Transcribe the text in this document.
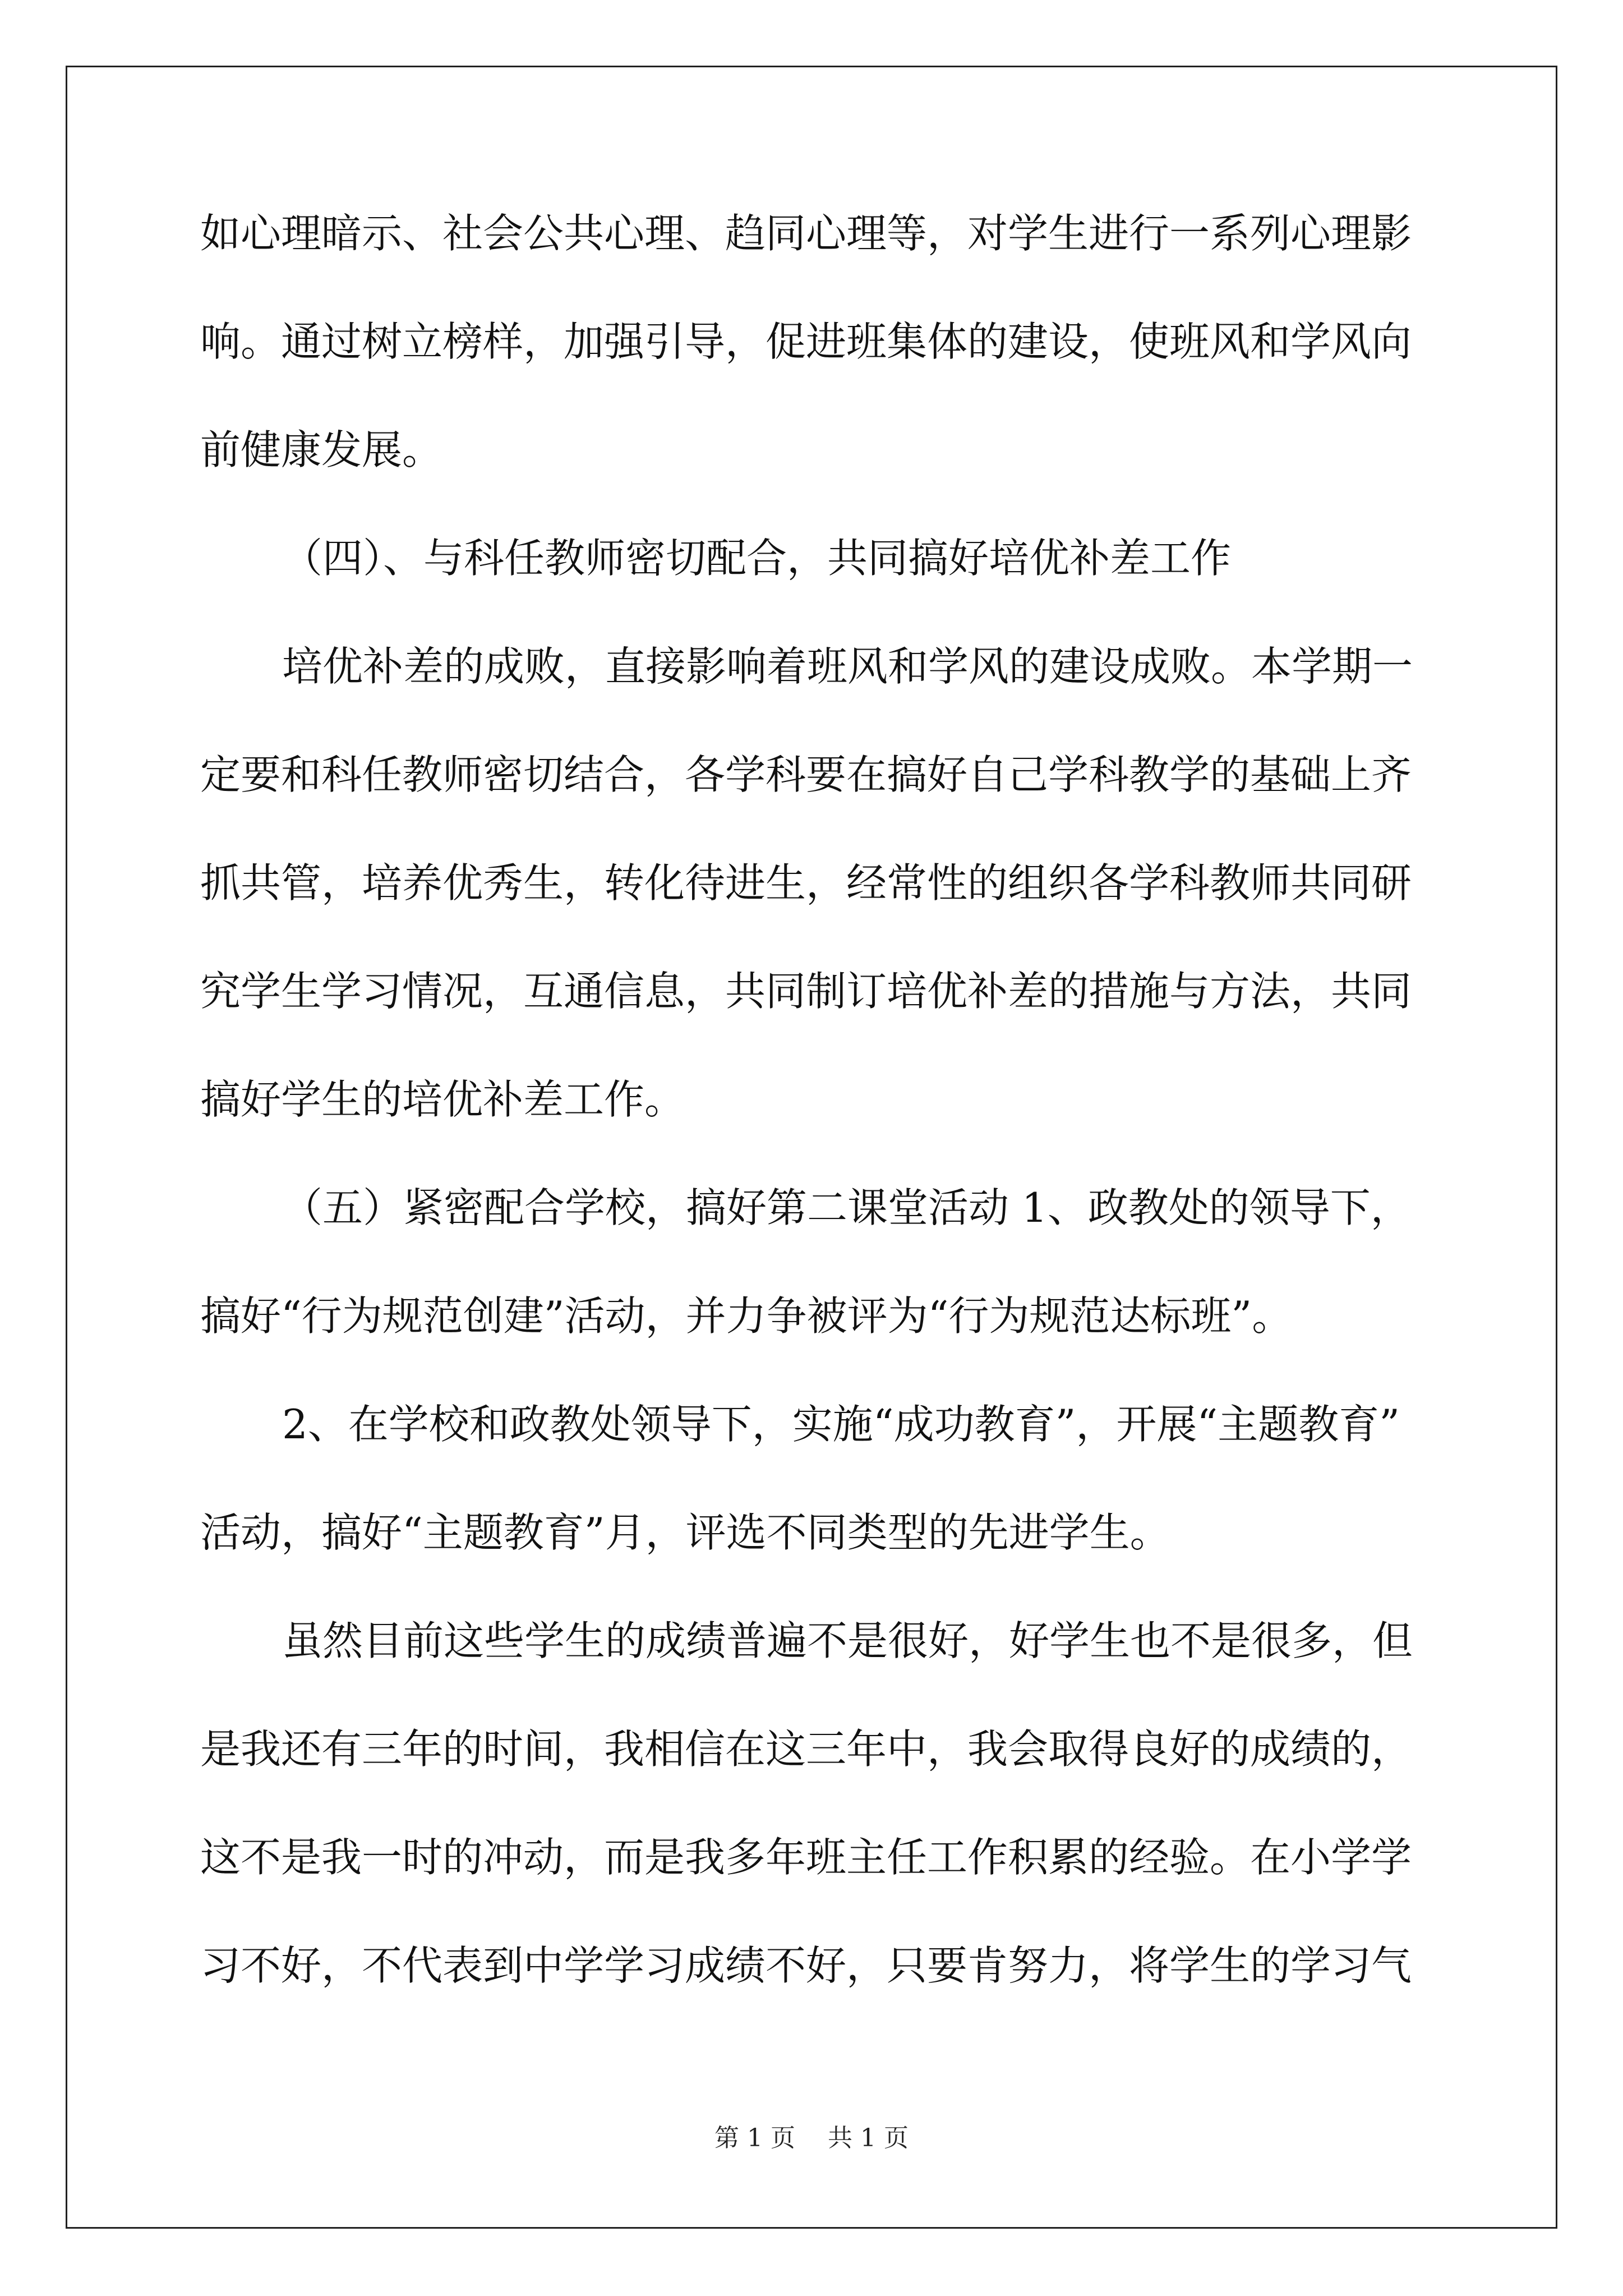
如心理暗示、社会公共心理、趋同心理等，对学生进行一系列心理影
响。通过树立榜样，加强引导，促进班集体的建设，使班风和学风向
前健康发展。
（四）、与科任教师密切配合，共同搞好培优补差工作
培优补差的成败，直接影响着班风和学风的建设成败。本学期一
定要和科任教师密切结合，各学科要在搞好自己学科教学的基础上齐
抓共管，培养优秀生，转化待进生，经常性的组织各学科教师共同研
究学生学习情况，互通信息，共同制订培优补差的措施与方法，共同
搞好学生的培优补差工作。
（五）紧密配合学校，搞好第二课堂活动 1、政教处的领导下，
搞好“行为规范创建”活动，并力争被评为“行为规范达标班”。
2、在学校和政教处领导下，实施“成功教育”，开展“主题教育”
活动，搞好“主题教育”月，评选不同类型的先进学生。
虽然目前这些学生的成绩普遍不是很好，好学生也不是很多，但
是我还有三年的时间，我相信在这三年中，我会取得良好的成绩的，
这不是我一时的冲动，而是我多年班主任工作积累的经验。在小学学
习不好，不代表到中学学习成绩不好，只要肯努力，将学生的学习气
第 1 页 共 1 页
